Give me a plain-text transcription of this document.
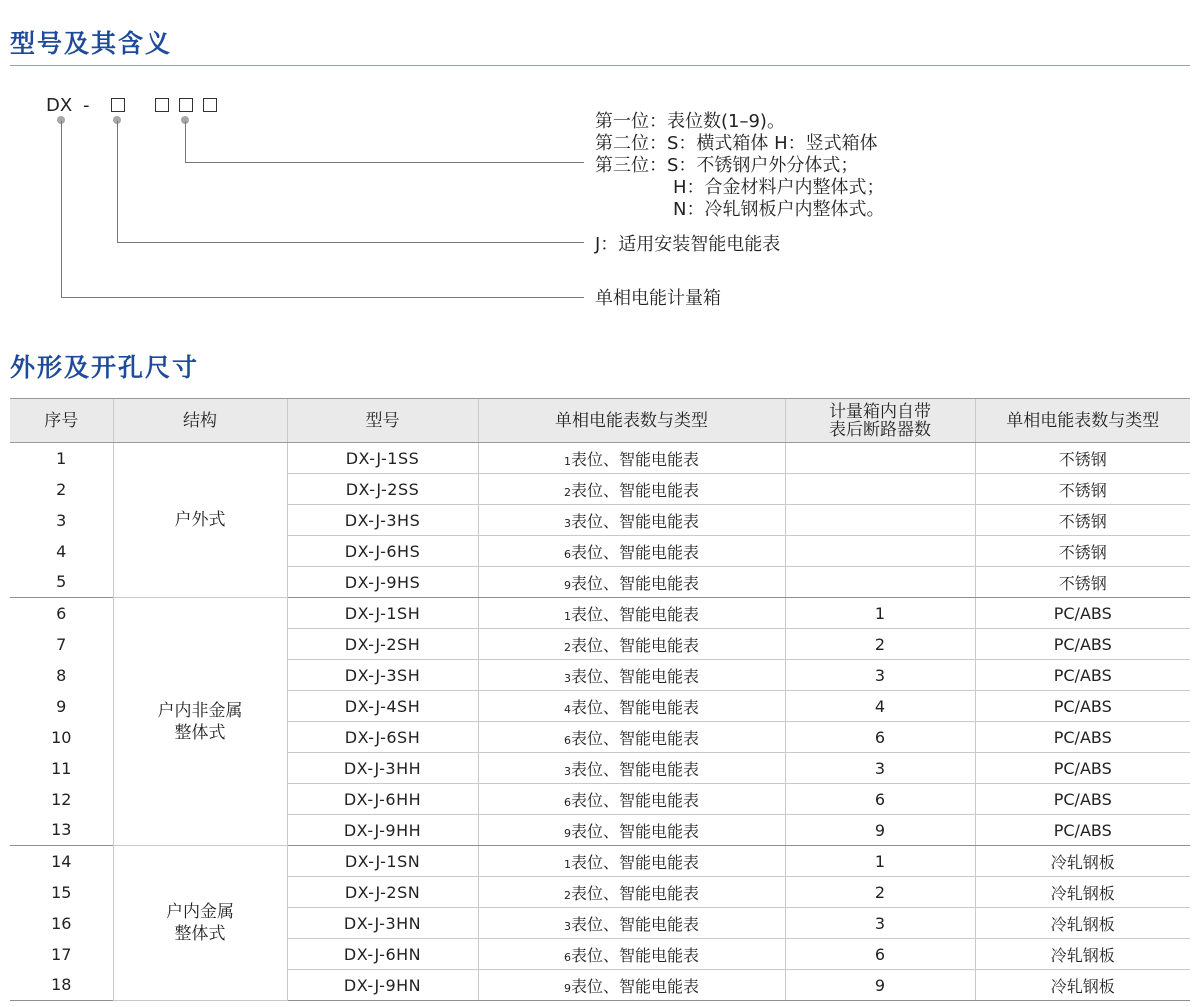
型号及其含义
DX -
第一位：表位数(1–9)。
第二位：S：横式箱体 H：竖式箱体
第三位：S：不锈钢户外分体式；
H：合金材料户内整体式；
N：冷轧钢板户内整体式。
J：适用安装智能电能表
单相电能计量箱
外形及开孔尺寸
序号	结构	型号	单相电能表数与类型	计量箱内自带
表后断路器数	单相电能表数与类型
1	户外式	DX-J-1SS	1表位、智能电能表		不锈钢
2		DX-J-2SS	2表位、智能电能表		不锈钢
3		DX-J-3HS	3表位、智能电能表		不锈钢
4		DX-J-6HS	6表位、智能电能表		不锈钢
5		DX-J-9HS	9表位、智能电能表		不锈钢
6	户内非金属
整体式	DX-J-1SH	1表位、智能电能表	1	PC/ABS
7		DX-J-2SH	2表位、智能电能表	2	PC/ABS
8		DX-J-3SH	3表位、智能电能表	3	PC/ABS
9		DX-J-4SH	4表位、智能电能表	4	PC/ABS
10		DX-J-6SH	6表位、智能电能表	6	PC/ABS
11		DX-J-3HH	3表位、智能电能表	3	PC/ABS
12		DX-J-6HH	6表位、智能电能表	6	PC/ABS
13		DX-J-9HH	9表位、智能电能表	9	PC/ABS
14	户内金属
整体式	DX-J-1SN	1表位、智能电能表	1	冷轧钢板
15		DX-J-2SN	2表位、智能电能表	2	冷轧钢板
16		DX-J-3HN	3表位、智能电能表	3	冷轧钢板
17		DX-J-6HN	6表位、智能电能表	6	冷轧钢板
18		DX-J-9HN	9表位、智能电能表	9	冷轧钢板
